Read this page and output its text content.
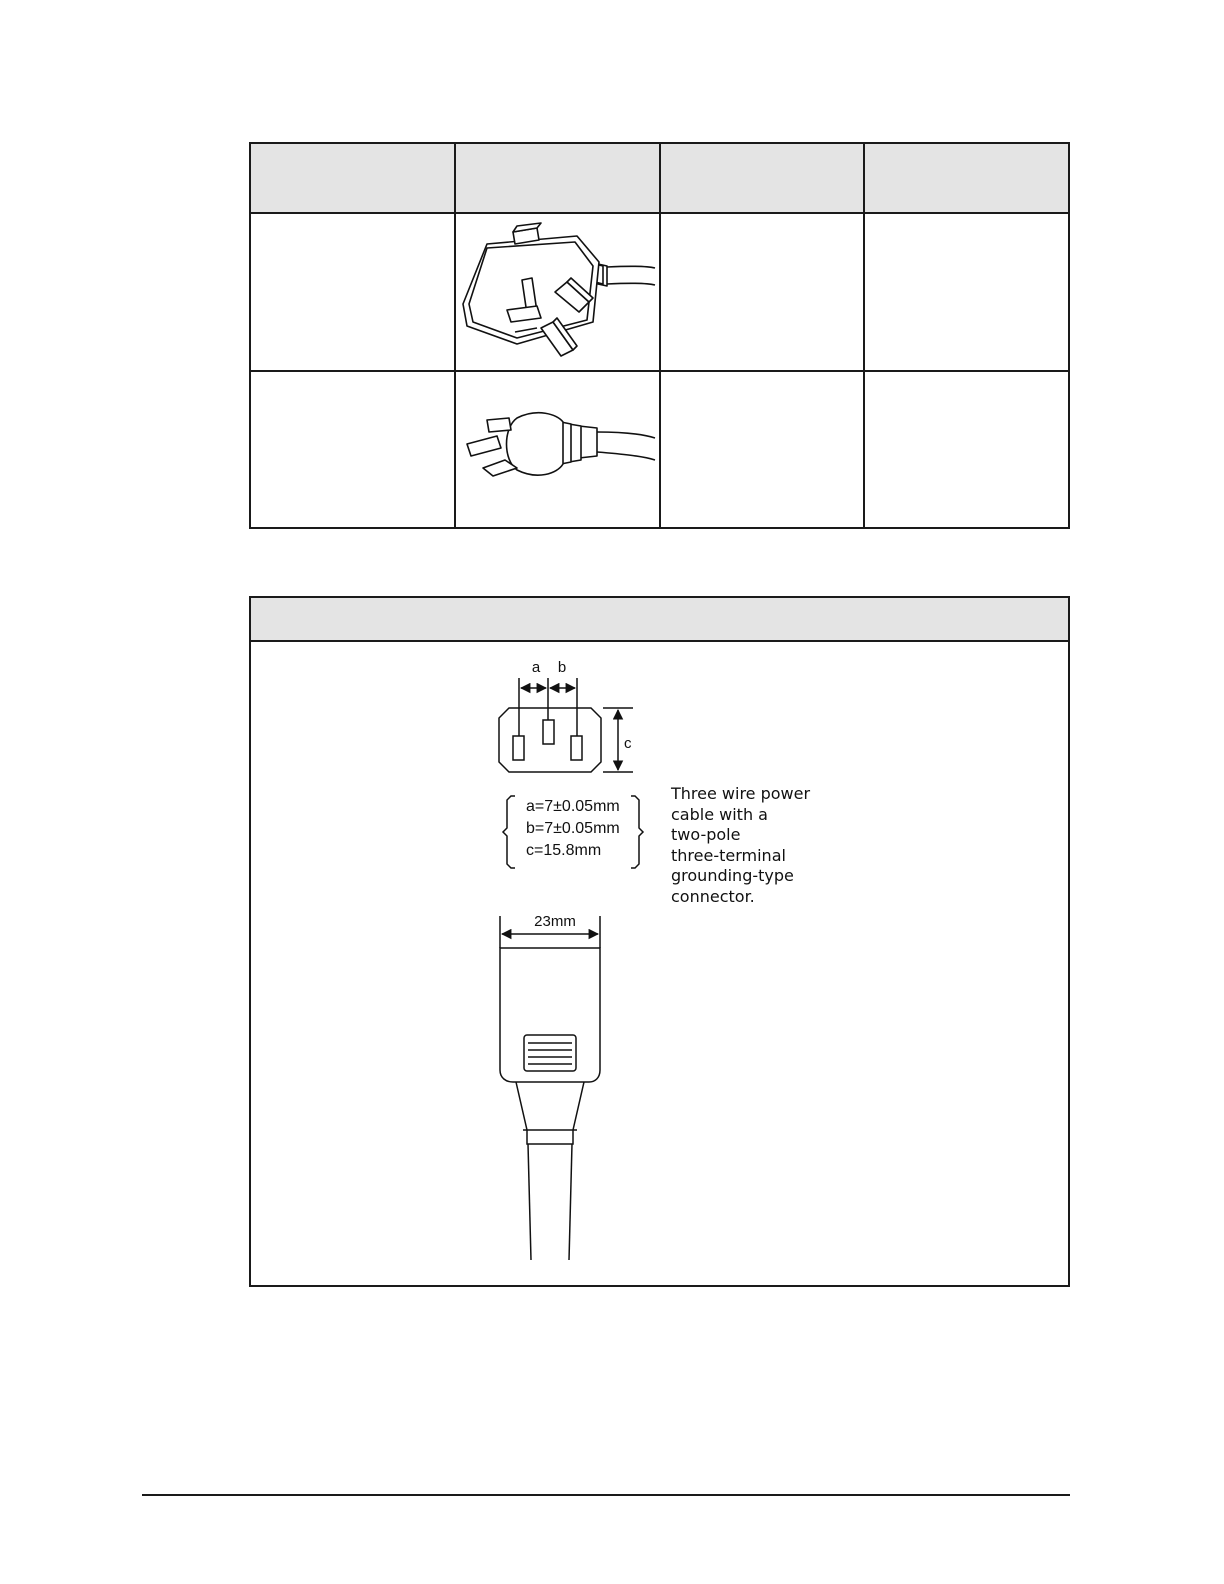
a b
c
23mm
a=7±0.05mm
b=7±0.05mm
c=15.8mm
Three wire power
cable with a
two-pole
three-terminal
grounding-type
connector.
